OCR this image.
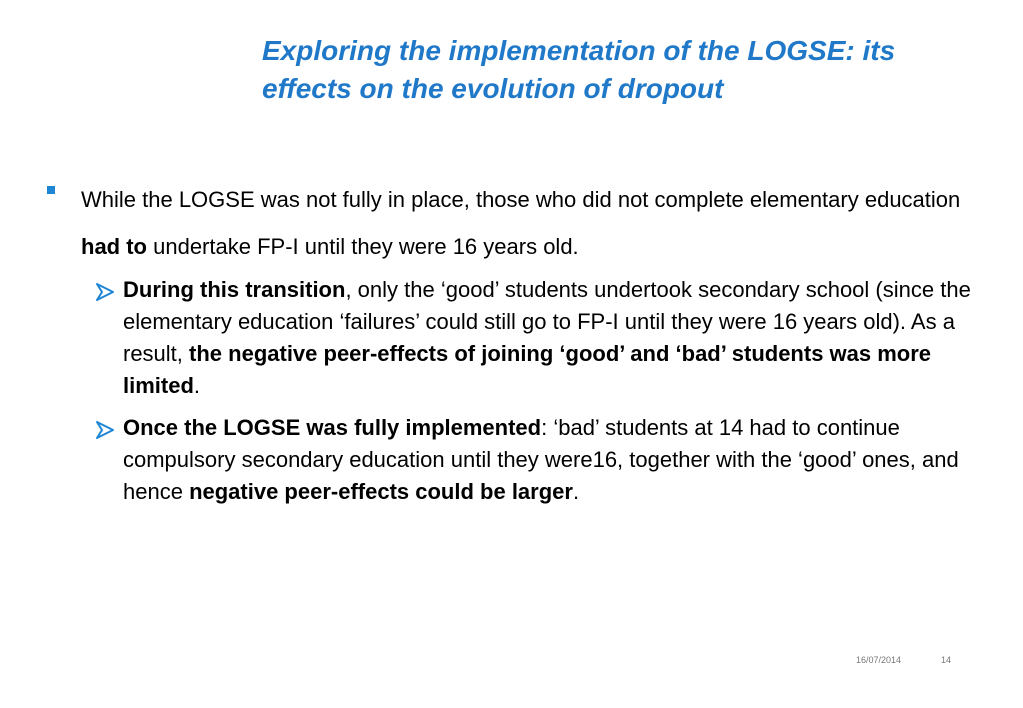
Exploring the implementation of the LOGSE: its
effects on the evolution of dropout
While the LOGSE was not fully in place, those who did not complete elementary education had to undertake FP-I until they were 16 years old.
During this transition, only the ‘good’ students undertook secondary school (since the elementary education ‘failures’ could still go to FP-I until they were 16 years old). As a result, the negative peer-effects of joining ‘good’ and ‘bad’ students was more limited.
Once the LOGSE was fully implemented: ‘bad’ students at 14 had to continue compulsory secondary education until they were16, together with the ‘good’ ones, and hence negative peer-effects could be larger.
16/07/2014	14
